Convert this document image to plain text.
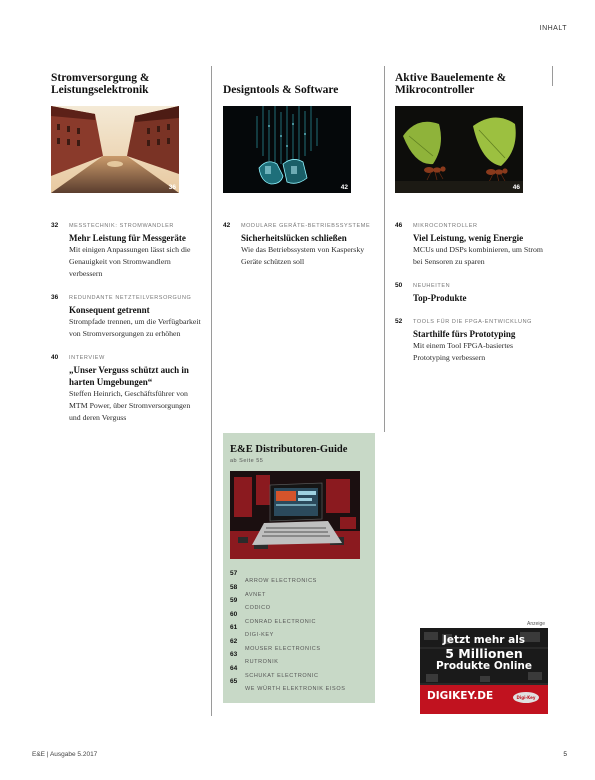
INHALT
Stromversorgung & Leistungselektronik
36
32 MESSTECHNIK: STROMWANDLER
Mehr Leistung für Messgeräte
Mit einigen Anpassungen lässt sich die Genauigkeit von Stromwandlern verbessern
36 REDUNDANTE NETZTEILVERSORGUNG
Konsequent getrennt
Strompfade trennen, um die Verfügbarkeit von Stromversorgungen zu erhöhen
40 INTERVIEW
„Unser Verguss schützt auch in harten Umgebungen“
Steffen Heinrich, Geschäftsführer von MTM Power, über Stromversorgungen und deren Verguss
Designtools & Software
42
42 MODULARE GERÄTE-BETRIEBSSYSTEME
Sicherheitslücken schließen
Wie das Betriebssystem von Kaspersky Geräte schützen soll
Aktive Bauelemente & Mikrocontroller
46
46 MIKROCONTROLLER
Viel Leistung, wenig Energie
MCUs und DSPs kombinieren, um Strom bei Sensoren zu sparen
50 NEUHEITEN
Top-Produkte
52 TOOLS FÜR DIE FPGA-ENTWICKLUNG
Starthilfe fürs Prototyping
Mit einem Tool FPGA-basiertes Prototyping verbessern
E&E Distributoren-Guide
ab Seite 55
57
ARROW ELECTRONICS
58
AVNET
59
CODICO
60
CONRAD ELECTRONIC
61
DIGI-KEY
62
MOUSER ELECTRONICS
63
RUTRONIK
64
SCHUKAT ELECTRONIC
65
WE WÜRTH ELEKTRONIK EISOS
Anzeige
Jetzt mehr als
5 Millionen
Produkte Online
DIGIKEY.DE	Digi-Key
E&E | Ausgabe 5.2017	5
